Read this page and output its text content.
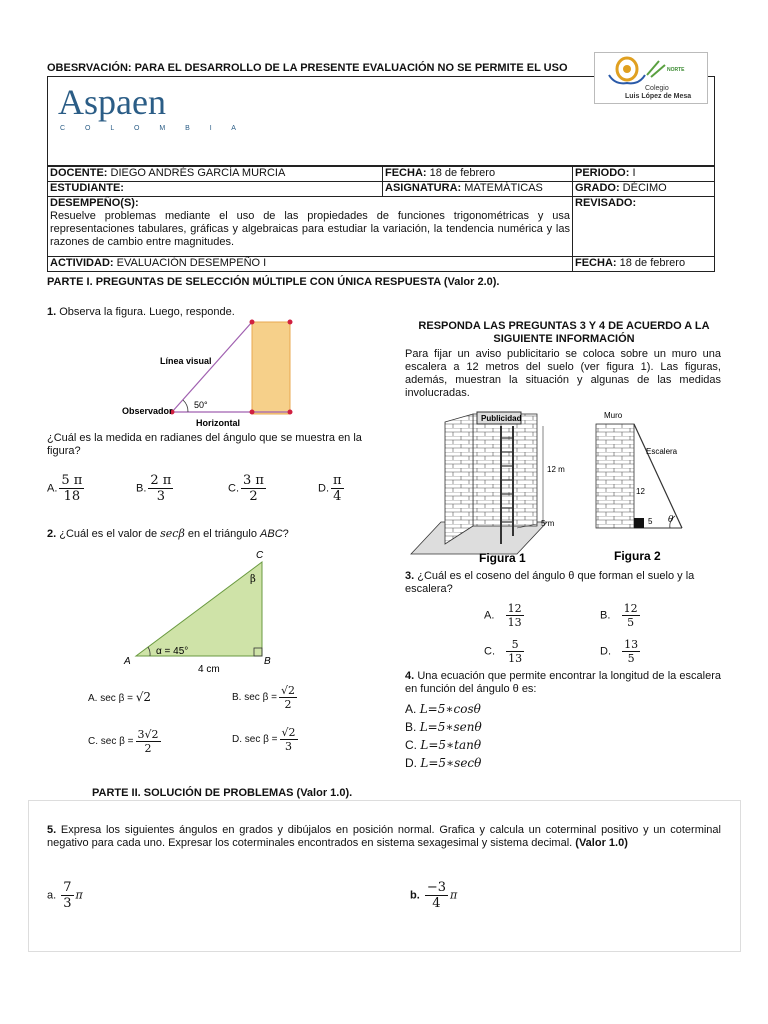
OBESRVACIÓN: PARA EL DESARROLLO DE LA PRESENTE EVALUACIÓN NO SE PERMITE EL USO
Aspaen
C O L O M B I A
NORTE
Colegio
Luis López de Mesa
DOCENTE: DIEGO ANDRÉS GARCÍA MURCIA	FECHA: 18 de febrero	PERIODO: I
ESTUDIANTE:	ASIGNATURA: MATEMÁTICAS	GRADO: DÉCIMO
DESEMPEÑO(S):
Resuelve problemas mediante el uso de las propiedades de funciones trigonométricas y usa representaciones tabulares, gráficas y algebraicas para estudiar la variación, la tendencia numérica y las razones de cambio entre magnitudes.		REVISADO:
ACTIVIDAD: EVALUACIÓN DESEMPEÑO I		FECHA: 18 de febrero
PARTE I. PREGUNTAS DE SELECCIÓN MÚLTIPLE CON ÚNICA RESPUESTA (Valor 2.0).
1. Observa la figura. Luego, responde.
Línea visual
50°
Observador
Horizontal
¿Cuál es la medida en radianes del ángulo que se muestra en la figura?
A. $\frac{5 \pi}{18}$	B. $\frac{2 \pi}{3}$	C. $\frac{3 \pi}{2}$	D. $\frac{\pi}{4}$
2. ¿Cuál es el valor de secβ en el triángulo ABC?
C
β
α = 45°
A	B
4 cm
A. sec β = √2	B. $\sec \beta = \frac{√2}{2}$
C. $\sec \beta = \frac{3√2}{2}$	D. $\sec \beta = \frac{√2}{3}$
RESPONDA LAS PREGUNTAS 3 Y 4 DE ACUERDO A LA
SIGUIENTE INFORMACIÓN
Para fijar un aviso publicitario se coloca sobre un muro una escalera a 12 metros del suelo (ver figura 1). Las figuras, además, muestran la situación y algunas de las medidas involucradas.
Publicidad
12 m
5 m
Figura 1
Muro
Escalera
12
5 θ
Figura 2
3. ¿Cuál es el coseno del ángulo θ que forman el suelo y la escalera?
A. $\frac{12}{13}$	B. $\frac{12}{5}$
C. $\frac{5}{13}$	D. $\frac{13}{5}$
4. Una ecuación que permite encontrar la longitud de la escalera en función del ángulo θ es:
A. L=5∗cosθ
B. L=5∗senθ
C. L=5∗tanθ
D. L=5∗secθ
PARTE II. SOLUCIÓN DE PROBLEMAS (Valor 1.0).
5. Expresa los siguientes ángulos en grados y dibújalos en posición normal. Grafica y calcula un coterminal positivo y un coterminal negativo para cada uno. Expresar los coterminales encontrados en sistema sexagesimal y sistema decimal. (Valor 1.0)
a. $\frac{7}{3}$ π	b. $\frac{-3}{4}$ π
